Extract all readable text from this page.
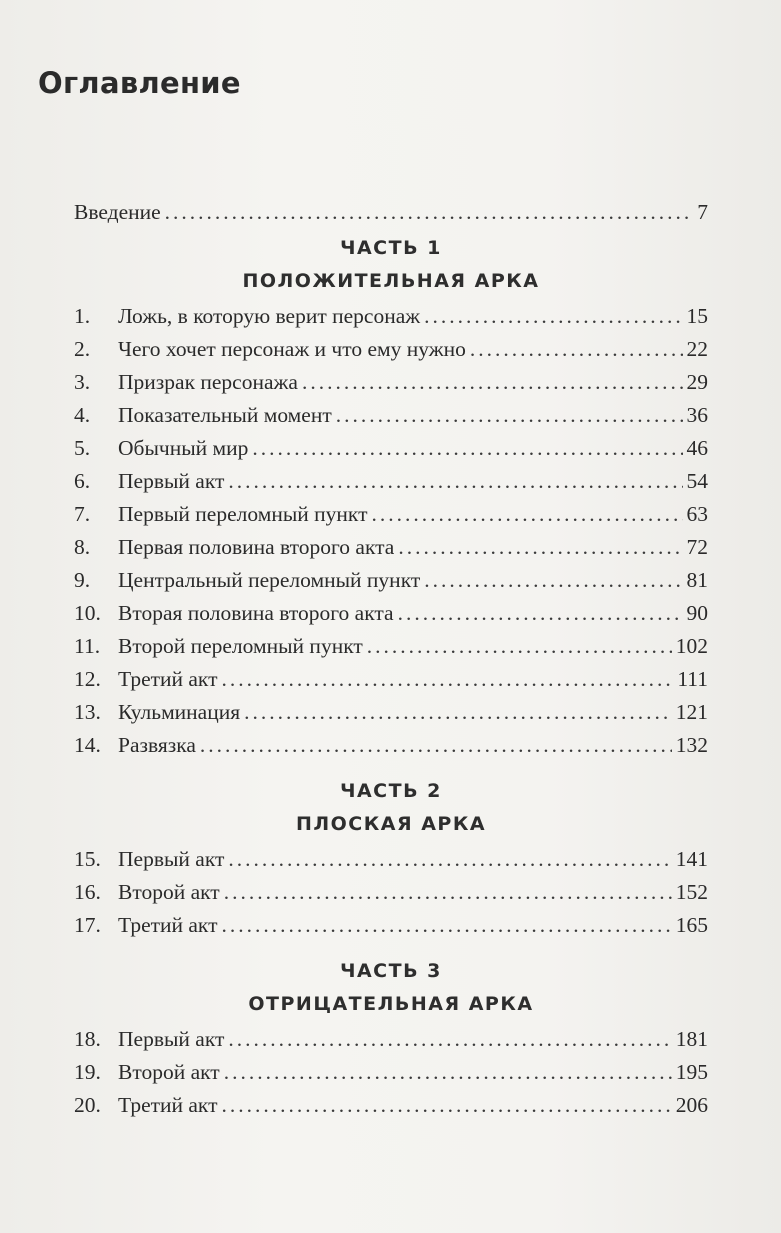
Оглавление
Введение .....	7
ЧАСТЬ 1
ПОЛОЖИТЕЛЬНАЯ АРКА
1.	Ложь, в которую верит персонаж .....	15
2.	Чего хочет персонаж и что ему нужно .....	22
3.	Призрак персонажа .....	29
4.	Показательный момент .....	36
5.	Обычный мир .....	46
6.	Первый акт .....	54
7.	Первый переломный пункт .....	63
8.	Первая половина второго акта .....	72
9.	Центральный переломный пункт .....	81
10. Вторая половина второго акта .....	90
11. Второй переломный пункт .....	102
12. Третий акт .....	111
13. Кульминация .....	121
14. Развязка .....	132
ЧАСТЬ 2
ПЛОСКАЯ АРКА
15. Первый акт .....	141
16. Второй акт .....	152
17. Третий акт .....	165
ЧАСТЬ 3
ОТРИЦАТЕЛЬНАЯ АРКА
18. Первый акт .....	181
19. Второй акт .....	195
20. Третий акт .....	206
